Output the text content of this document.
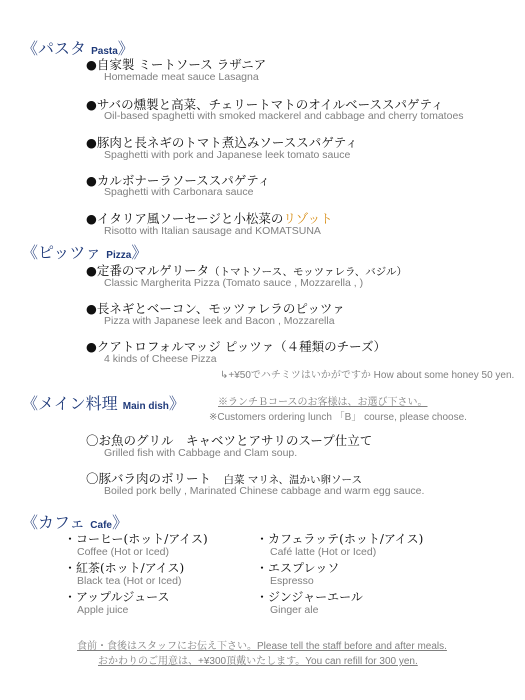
《パスタ Pasta》
●自家製 ミートソース ラザニア
Homemade meat sauce Lasagna
●サバの燻製と高菜、チェリートマトのオイルベーススパゲティ
Oil-based spaghetti with smoked mackerel and cabbage and cherry tomatoes
●豚肉と長ネギのトマト煮込みソーススパゲティ
Spaghetti with pork and Japanese leek tomato sauce
●カルボナーラソーススパゲティ
Spaghetti with Carbonara sauce
●イタリア風ソーセージと小松菜のリゾット
Risotto with Italian sausage and KOMATSUNA
《ピッツァ Pizza》
●定番のマルゲリータ（トマトソース、モッツァレラ、バジル）
Classic Margherita Pizza (Tomato sauce , Mozzarella , )
●長ネギとベーコン、モッツァレラのピッツァ
Pizza with Japanese leek and Bacon , Mozzarella
●クアトロフォルマッジ ピッツァ（４種類のチーズ）
4 kinds of Cheese Pizza
↳+¥50でハチミツはいかがですか How about some honey 50 yen.
《メイン料理 Main dish》	※ランチＢコースのお客様は、お選び下さい。
※Customers ordering lunch 「B」 course, please choose.
〇お魚のグリル　キャベツとアサリのスープ仕立て
Grilled fish with Cabbage and Clam soup.
〇豚バラ肉のボリート　白菜 マリネ、温かい卵ソース
Boiled pork belly , Marinated Chinese cabbage and warm egg sauce.
《カフェ Cafe》
・コーヒー(ホット/アイス)
Coffee (Hot or Iced)
・紅茶(ホット/アイス)
Black tea (Hot or Iced)
・アップルジュース
Apple juice
・カフェラッテ(ホット/アイス)
Café latte (Hot or Iced)
・エスプレッソ
Espresso
・ジンジャーエール
Ginger ale
食前・食後はスタッフにお伝え下さい。Please tell the staff before and after meals.
おかわりのご用意は、+¥300頂戴いたします。You can refill for 300 yen.
